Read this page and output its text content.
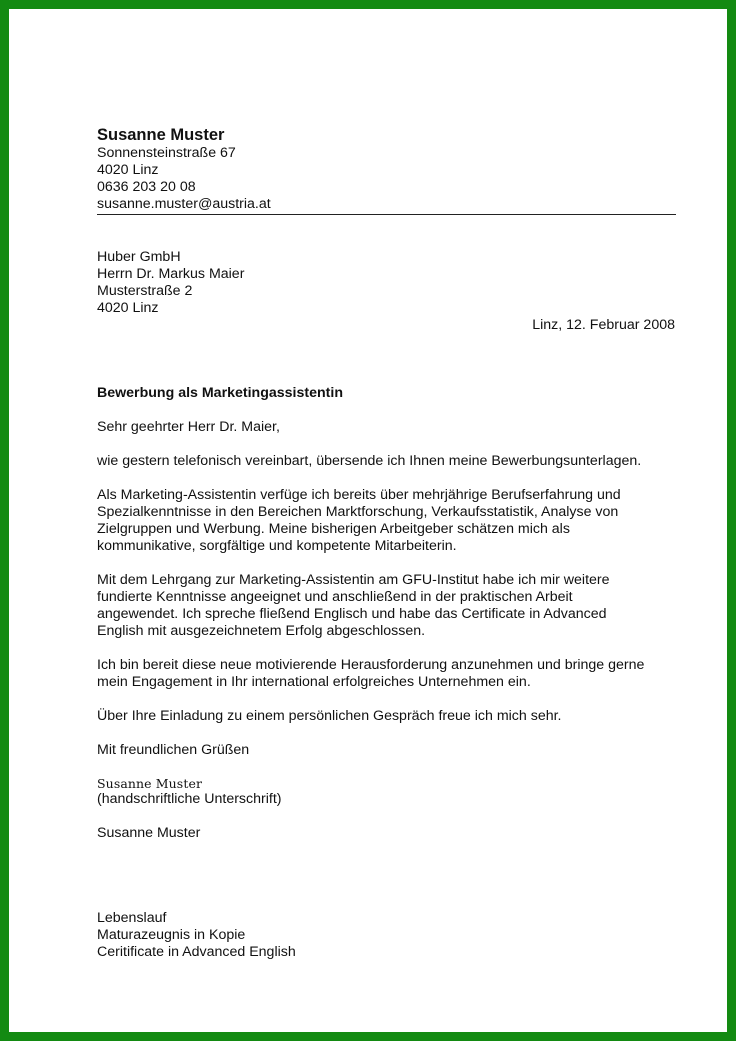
Susanne Muster
Sonnensteinstraße 67
4020 Linz
0636 203 20 08
susanne.muster@austria.at
Huber GmbH
Herrn Dr. Markus Maier
Musterstraße 2
4020 Linz
Linz, 12. Februar 2008
Bewerbung als Marketingassistentin
Sehr geehrter Herr Dr. Maier,
wie gestern telefonisch vereinbart, übersende ich Ihnen meine Bewerbungsunterlagen.
Als Marketing-Assistentin verfüge ich bereits über mehrjährige Berufserfahrung und
Spezialkenntnisse in den Bereichen Marktforschung, Verkaufsstatistik, Analyse von
Zielgruppen und Werbung. Meine bisherigen Arbeitgeber schätzen mich als
kommunikative, sorgfältige und kompetente Mitarbeiterin.
Mit dem Lehrgang zur Marketing-Assistentin am GFU-Institut habe ich mir weitere
fundierte Kenntnisse angeeignet und anschließend in der praktischen Arbeit
angewendet. Ich spreche fließend Englisch und habe das Certificate in Advanced
English mit ausgezeichnetem Erfolg abgeschlossen.
Ich bin bereit diese neue motivierende Herausforderung anzunehmen und bringe gerne
mein Engagement in Ihr international erfolgreiches Unternehmen ein.
Über Ihre Einladung zu einem persönlichen Gespräch freue ich mich sehr.
Mit freundlichen Grüßen
Susanne Muster
(handschriftliche Unterschrift)
Susanne Muster
Lebenslauf
Maturazeugnis in Kopie
Ceritificate in Advanced English
